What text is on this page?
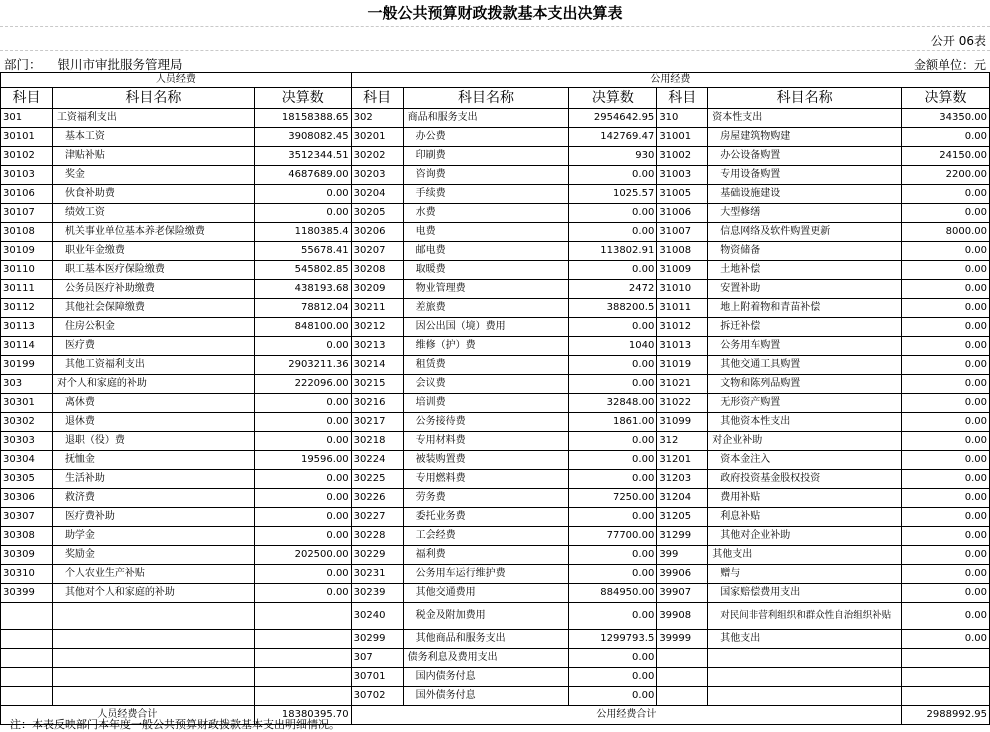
一般公共预算财政拨款基本支出决算表
公开 06表
部门： 银川市审批服务管理局	金额单位：元
人员经费			公用经费					
科目	科目名称	决算数	科目	科目名称	决算数	科目	科目名称	决算数
301	工资福利支出	18158388.65	302	商品和服务支出	2954642.95	310	资本性支出	34350.00
30101	基本工资	3908082.45	30201	办公费	142769.47	31001	房屋建筑物购建	0.00
30102	津贴补贴	3512344.51	30202	印刷费	930	31002	办公设备购置	24150.00
30103	奖金	4687689.00	30203	咨询费	0.00	31003	专用设备购置	2200.00
30106	伙食补助费	0.00	30204	手续费	1025.57	31005	基础设施建设	0.00
30107	绩效工资	0.00	30205	水费	0.00	31006	大型修缮	0.00
30108	机关事业单位基本养老保险缴费	1180385.4	30206	电费	0.00	31007	信息网络及软件购置更新	8000.00
30109	职业年金缴费	55678.41	30207	邮电费	113802.91	31008	物资储备	0.00
30110	职工基本医疗保险缴费	545802.85	30208	取暖费	0.00	31009	土地补偿	0.00
30111	公务员医疗补助缴费	438193.68	30209	物业管理费	2472	31010	安置补助	0.00
30112	其他社会保障缴费	78812.04	30211	差旅费	388200.5	31011	地上附着物和青苗补偿	0.00
30113	住房公积金	848100.00	30212	因公出国（境）费用	0.00	31012	拆迁补偿	0.00
30114	医疗费	0.00	30213	维修（护）费	1040	31013	公务用车购置	0.00
30199	其他工资福利支出	2903211.36	30214	租赁费	0.00	31019	其他交通工具购置	0.00
303	对个人和家庭的补助	222096.00	30215	会议费	0.00	31021	文物和陈列品购置	0.00
30301	离休费	0.00	30216	培训费	32848.00	31022	无形资产购置	0.00
30302	退休费	0.00	30217	公务接待费	1861.00	31099	其他资本性支出	0.00
30303	退职（役）费	0.00	30218	专用材料费	0.00	312	对企业补助	0.00
30304	抚恤金	19596.00	30224	被装购置费	0.00	31201	资本金注入	0.00
30305	生活补助	0.00	30225	专用燃料费	0.00	31203	政府投资基金股权投资	0.00
30306	救济费	0.00	30226	劳务费	7250.00	31204	费用补贴	0.00
30307	医疗费补助	0.00	30227	委托业务费	0.00	31205	利息补贴	0.00
30308	助学金	0.00	30228	工会经费	77700.00	31299	其他对企业补助	0.00
30309	奖励金	202500.00	30229	福利费	0.00	399	其他支出	0.00
30310	个人农业生产补贴	0.00	30231	公务用车运行维护费	0.00	39906	赠与	0.00
30399	其他对个人和家庭的补助	0.00	30239	其他交通费用	884950.00	39907	国家赔偿费用支出	0.00
			30240	税金及附加费用	0.00	39908	对民间非营利组织和群众性自治组织补贴	0.00
			30299	其他商品和服务支出	1299793.5	39999	其他支出	0.00
			307	债务利息及费用支出	0.00			
			30701	国内债务付息	0.00			
			30702	国外债务付息	0.00			
人员经费合计		18380395.70	公用经费合计					2988992.95
注：本表反映部门本年度一般公共预算财政拨款基本支出明细情况。
